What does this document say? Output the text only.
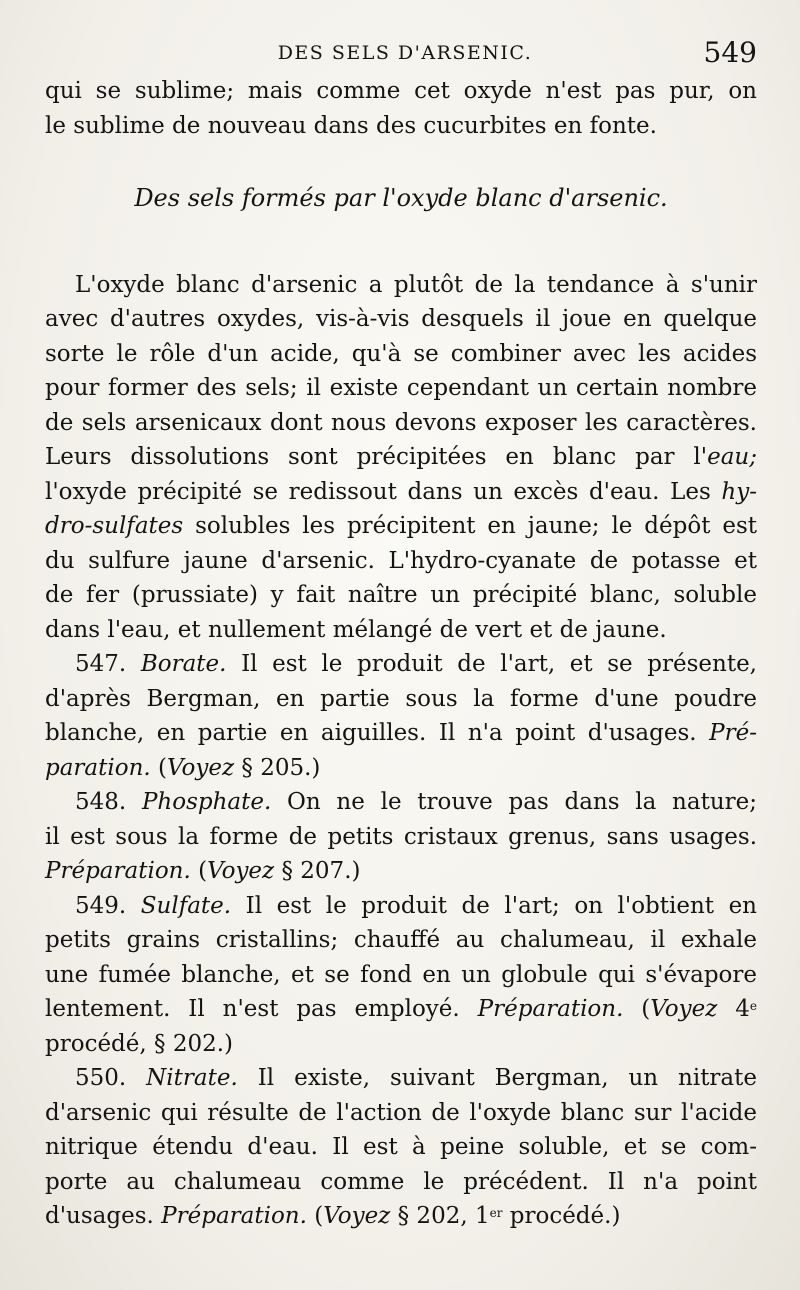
DES SELS D'ARSENIC.	549

qui se sublime; mais comme cet oxyde n'est pas pur, on
le sublime de nouveau dans des cucurbites en fonte.

Des sels formés par l'oxyde blanc d'arsenic.

L'oxyde blanc d'arsenic a plutôt de la tendance à s'unir
avec d'autres oxydes, vis-à-vis desquels il joue en quelque
sorte le rôle d'un acide, qu'à se combiner avec les acides
pour former des sels; il existe cependant un certain nombre
de sels arsenicaux dont nous devons exposer les caractères.
Leurs dissolutions sont précipitées en blanc par l'eau;
l'oxyde précipité se redissout dans un excès d'eau. Les hy-
dro-sulfates solubles les précipitent en jaune; le dépôt est
du sulfure jaune d'arsenic. L'hydro-cyanate de potasse et
de fer (prussiate) y fait naître un précipité blanc, soluble
dans l'eau, et nullement mélangé de vert et de jaune.

547. Borate. Il est le produit de l'art, et se présente,
d'après Bergman, en partie sous la forme d'une poudre
blanche, en partie en aiguilles. Il n'a point d'usages. Pré-
paration. (Voyez § 205.)

548. Phosphate. On ne le trouve pas dans la nature;
il est sous la forme de petits cristaux grenus, sans usages.
Préparation. (Voyez § 207.)

549. Sulfate. Il est le produit de l'art; on l'obtient en
petits grains cristallins; chauffé au chalumeau, il exhale
une fumée blanche, et se fond en un globule qui s'évapore
lentement. Il n'est pas employé. Préparation. (Voyez 4e
procédé, § 202.)

550. Nitrate. Il existe, suivant Bergman, un nitrate
d'arsenic qui résulte de l'action de l'oxyde blanc sur l'acide
nitrique étendu d'eau. Il est à peine soluble, et se com-
porte au chalumeau comme le précédent. Il n'a point
d'usages. Préparation. (Voyez § 202, 1er procédé.)
